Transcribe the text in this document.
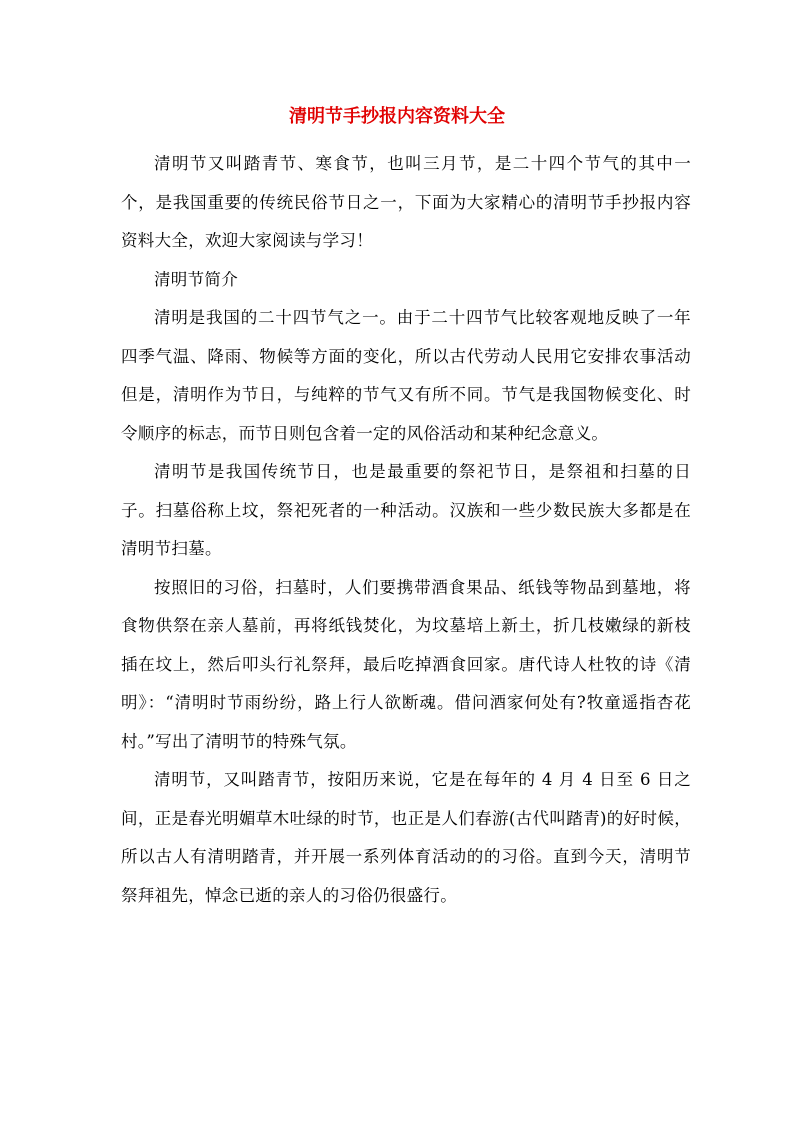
清明节手抄报内容资料大全

清明节又叫踏青节、寒食节，也叫三月节，是二十四个节气的其中一个，是我国重要的传统民俗节日之一，下面为大家精心的清明节手抄报内容资料大全，欢迎大家阅读与学习！

清明节简介

清明是我国的二十四节气之一。由于二十四节气比较客观地反映了一年四季气温、降雨、物候等方面的变化，所以古代劳动人民用它安排农事活动但是，清明作为节日，与纯粹的节气又有所不同。节气是我国物候变化、时令顺序的标志，而节日则包含着一定的风俗活动和某种纪念意义。

清明节是我国传统节日，也是最重要的祭祀节日，是祭祖和扫墓的日子。扫墓俗称上坟，祭祀死者的一种活动。汉族和一些少数民族大多都是在清明节扫墓。

按照旧的习俗，扫墓时，人们要携带酒食果品、纸钱等物品到墓地，将食物供祭在亲人墓前，再将纸钱焚化，为坟墓培上新土，折几枝嫩绿的新枝插在坟上，然后叩头行礼祭拜，最后吃掉酒食回家。唐代诗人杜牧的诗《清明》：“清明时节雨纷纷，路上行人欲断魂。借问酒家何处有?牧童遥指杏花村。”写出了清明节的特殊气氛。

清明节，又叫踏青节，按阳历来说，它是在每年的 4 月 4 日至 6 日之间，正是春光明媚草木吐绿的时节，也正是人们春游(古代叫踏青)的好时候，所以古人有清明踏青，并开展一系列体育活动的的习俗。直到今天，清明节祭拜祖先，悼念已逝的亲人的习俗仍很盛行。
